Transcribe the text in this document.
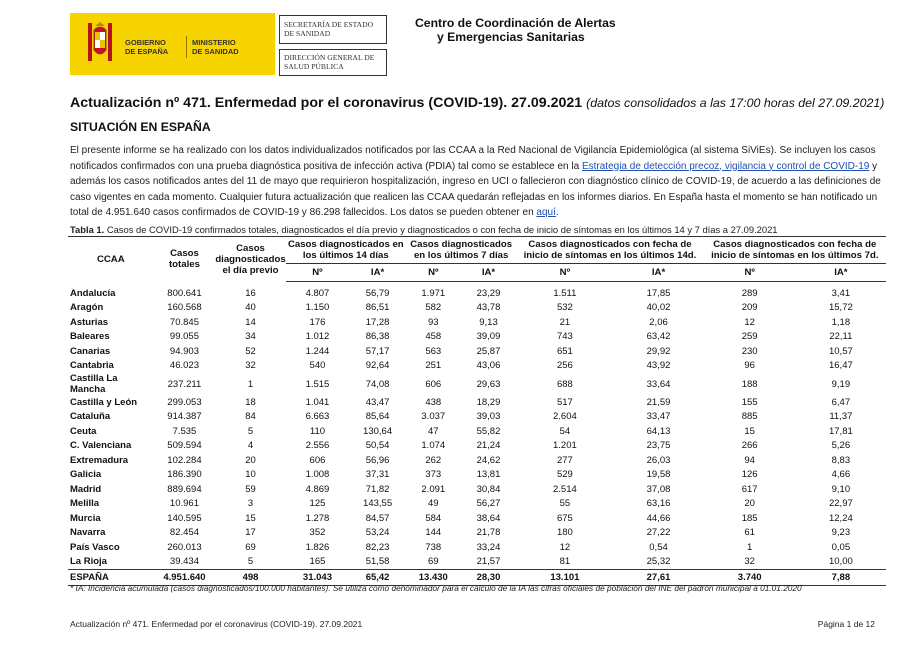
GOBIERNO
DE ESPAÑA
MINISTERIO
DE SANIDAD
SECRETARÍA DE ESTADO
DE SANIDAD
DIRECCIÓN GENERAL DE
SALUD PÚBLICA
Centro de Coordinación de Alertas
y Emergencias Sanitarias
Actualización nº 471. Enfermedad por el coronavirus (COVID-19). 27.09.2021 (datos consolidados a las 17:00 horas del 27.09.2021)
SITUACIÓN EN ESPAÑA
El presente informe se ha realizado con los datos individualizados notificados por las CCAA a la Red Nacional de Vigilancia Epidemiológica (al sistema SiViEs). Se incluyen los casos notificados confirmados con una prueba diagnóstica positiva de infección activa (PDIA) tal como se establece en la Estrategia de detección precoz, vigilancia y control de COVID-19 y además los casos notificados antes del 11 de mayo que requirieron hospitalización, ingreso en UCI o fallecieron con diagnóstico clínico de COVID-19, de acuerdo a las definiciones de caso vigentes en cada momento. Cualquier futura actualización que realicen las CCAA quedarán reflejadas en los informes diarios. En España hasta el momento se han notificado un total de 4.951.640 casos confirmados de COVID-19 y 86.298 fallecidos. Los datos se pueden obtener en aquí.
Tabla 1. Casos de COVID-19 confirmados totales, diagnosticados el día previo y diagnosticados o con fecha de inicio de síntomas en los últimos 14 y 7 días a 27.09.2021
CCAA	Casos totales	Casos diagnosticados el día previo	Casos diagnosticados en los últimos 14 días		Casos diagnosticados en los últimos 7 días		Casos diagnosticados con fecha de inicio de síntomas en los últimos 14d.		Casos diagnosticados con fecha de inicio de síntomas en los últimos 7d.	
			Nº	IA*	Nº	IA*	Nº	IA*	Nº	IA*
Andalucía	800.641	16	4.807	56,79	1.971	23,29	1.511	17,85	289	3,41
Aragón	160.568	40	1.150	86,51	582	43,78	532	40,02	209	15,72
Asturias	70.845	14	176	17,28	93	9,13	21	2,06	12	1,18
Baleares	99.055	34	1.012	86,38	458	39,09	743	63,42	259	22,11
Canarias	94.903	52	1.244	57,17	563	25,87	651	29,92	230	10,57
Cantabria	46.023	32	540	92,64	251	43,06	256	43,92	96	16,47
Castilla La Mancha	237.211	1	1.515	74,08	606	29,63	688	33,64	188	9,19
Castilla y León	299.053	18	1.041	43,47	438	18,29	517	21,59	155	6,47
Cataluña	914.387	84	6.663	85,64	3.037	39,03	2.604	33,47	885	11,37
Ceuta	7.535	5	110	130,64	47	55,82	54	64,13	15	17,81
C. Valenciana	509.594	4	2.556	50,54	1.074	21,24	1.201	23,75	266	5,26
Extremadura	102.284	20	606	56,96	262	24,62	277	26,03	94	8,83
Galicia	186.390	10	1.008	37,31	373	13,81	529	19,58	126	4,66
Madrid	889.694	59	4.869	71,82	2.091	30,84	2.514	37,08	617	9,10
Melilla	10.961	3	125	143,55	49	56,27	55	63,16	20	22,97
Murcia	140.595	15	1.278	84,57	584	38,64	675	44,66	185	12,24
Navarra	82.454	17	352	53,24	144	21,78	180	27,22	61	9,23
País Vasco	260.013	69	1.826	82,23	738	33,24	12	0,54	1	0,05
La Rioja	39.434	5	165	51,58	69	21,57	81	25,32	32	10,00
ESPAÑA	4.951.640	498	31.043	65,42	13.430	28,30	13.101	27,61	3.740	7,88
* IA: Incidencia acumulada (casos diagnosticados/100.000 habitantes). Se utiliza como denominador para el cálculo de la IA las cifras oficiales de población del INE del padrón municipal a 01.01.2020
Actualización nº 471. Enfermedad por el coronavirus (COVID-19). 27.09.2021	Página 1 de 12
